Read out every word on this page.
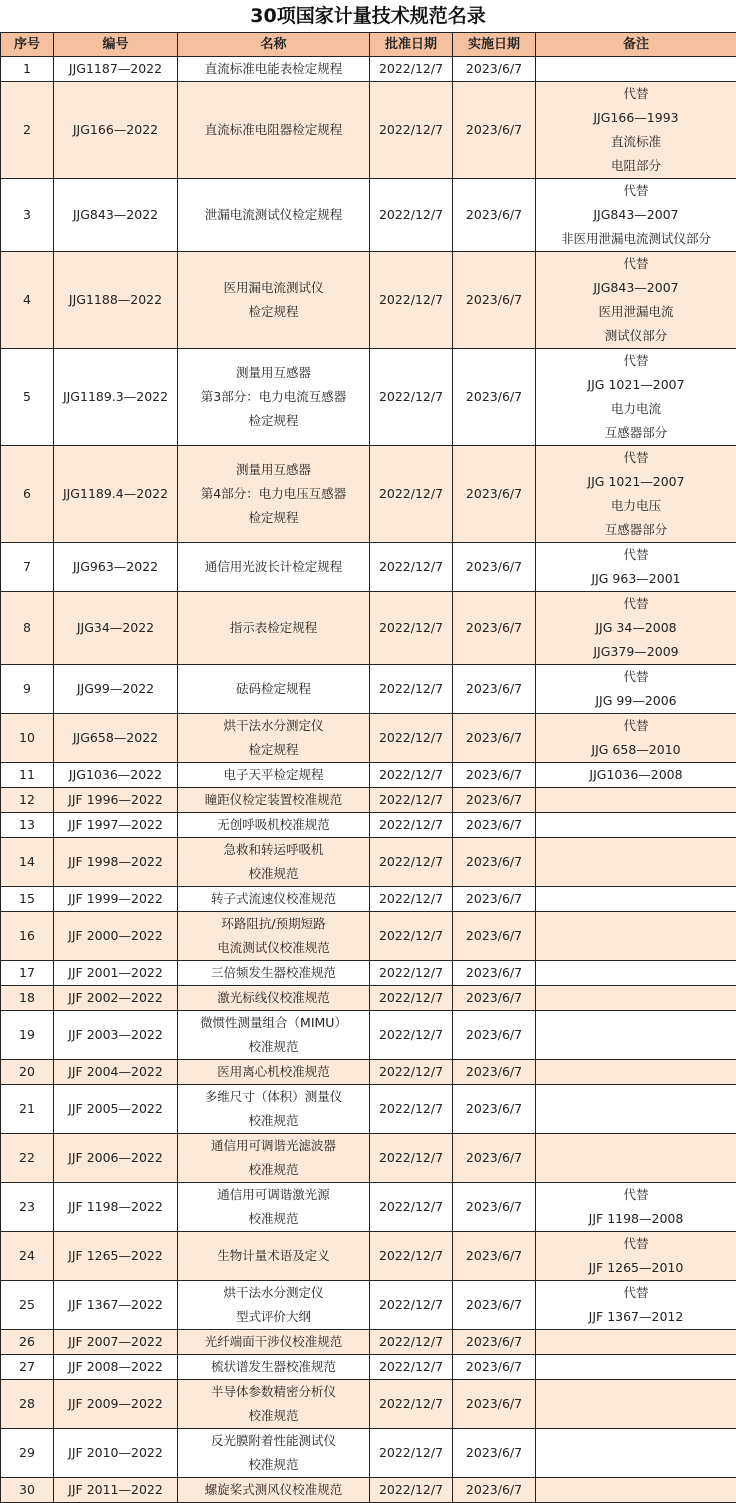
30项国家计量技术规范名录
序号	编号	名称	批准日期	实施日期	备注
1	JJG1187—2022	直流标准电能表检定规程	2022/12/7	2023/6/7	
2	JJG166—2022	直流标准电阻器检定规程	2022/12/7	2023/6/7	代替
JJG166—1993
直流标准
电阻部分

3	JJG843—2022	泄漏电流测试仪检定规程	2022/12/7	2023/6/7	代替
JJG843—2007
非医用泄漏电流测试仪部分

4	JJG1188—2022	医用漏电流测试仪
检定规程	2022/12/7	2023/6/7	代替
JJG843—2007
医用泄漏电流
测试仪部分

5	JJG1189.3—2022	测量用互感器
第3部分：电力电流互感器
检定规程	2022/12/7	2023/6/7	代替
JJG 1021—2007
电力电流
互感器部分

6	JJG1189.4—2022	测量用互感器
第4部分：电力电压互感器
检定规程	2022/12/7	2023/6/7	代替
JJG 1021—2007
电力电压
互感器部分

7	JJG963—2022	通信用光波长计检定规程	2022/12/7	2023/6/7	代替
JJG 963—2001

8	JJG34—2022	指示表检定规程	2022/12/7	2023/6/7	代替
JJG 34—2008
JJG379—2009

9	JJG99—2022	砝码检定规程	2022/12/7	2023/6/7	代替
JJG 99—2006

10	JJG658—2022	烘干法水分测定仪
检定规程	2022/12/7	2023/6/7	代替
JJG 658—2010

11	JJG1036—2022	电子天平检定规程	2022/12/7	2023/6/7	JJG1036—2008

12	JJF 1996—2022	瞳距仪检定装置校准规范	2022/12/7	2023/6/7	
13	JJF 1997—2022	无创呼吸机校准规范	2022/12/7	2023/6/7	
14	JJF 1998—2022	急救和转运呼吸机
校准规范	2022/12/7	2023/6/7	
15	JJF 1999—2022	转子式流速仪校准规范	2022/12/7	2023/6/7	
16	JJF 2000—2022	环路阻抗/预期短路
电流测试仪校准规范	2022/12/7	2023/6/7	
17	JJF 2001—2022	三倍频发生器校准规范	2022/12/7	2023/6/7	
18	JJF 2002—2022	激光标线仪校准规范	2022/12/7	2023/6/7	
19	JJF 2003—2022	微惯性测量组合（MIMU）
校准规范	2022/12/7	2023/6/7	
20	JJF 2004—2022	医用离心机校准规范	2022/12/7	2023/6/7	
21	JJF 2005—2022	多维尺寸（体积）测量仪
校准规范	2022/12/7	2023/6/7	
22	JJF 2006—2022	通信用可调谐光滤波器
校准规范	2022/12/7	2023/6/7	
23	JJF 1198—2022	通信用可调谐激光源
校准规范	2022/12/7	2023/6/7	代替
JJF 1198—2008

24	JJF 1265—2022	生物计量术语及定义	2022/12/7	2023/6/7	代替
JJF 1265—2010

25	JJF 1367—2022	烘干法水分测定仪
型式评价大纲	2022/12/7	2023/6/7	代替
JJF 1367—2012

26	JJF 2007—2022	光纤端面干涉仪校准规范	2022/12/7	2023/6/7	
27	JJF 2008—2022	梳状谱发生器校准规范	2022/12/7	2023/6/7	
28	JJF 2009—2022	半导体参数精密分析仪
校准规范	2022/12/7	2023/6/7	
29	JJF 2010—2022	反光膜附着性能测试仪
校准规范	2022/12/7	2023/6/7	
30	JJF 2011—2022	螺旋桨式测风仪校准规范	2022/12/7	2023/6/7	
